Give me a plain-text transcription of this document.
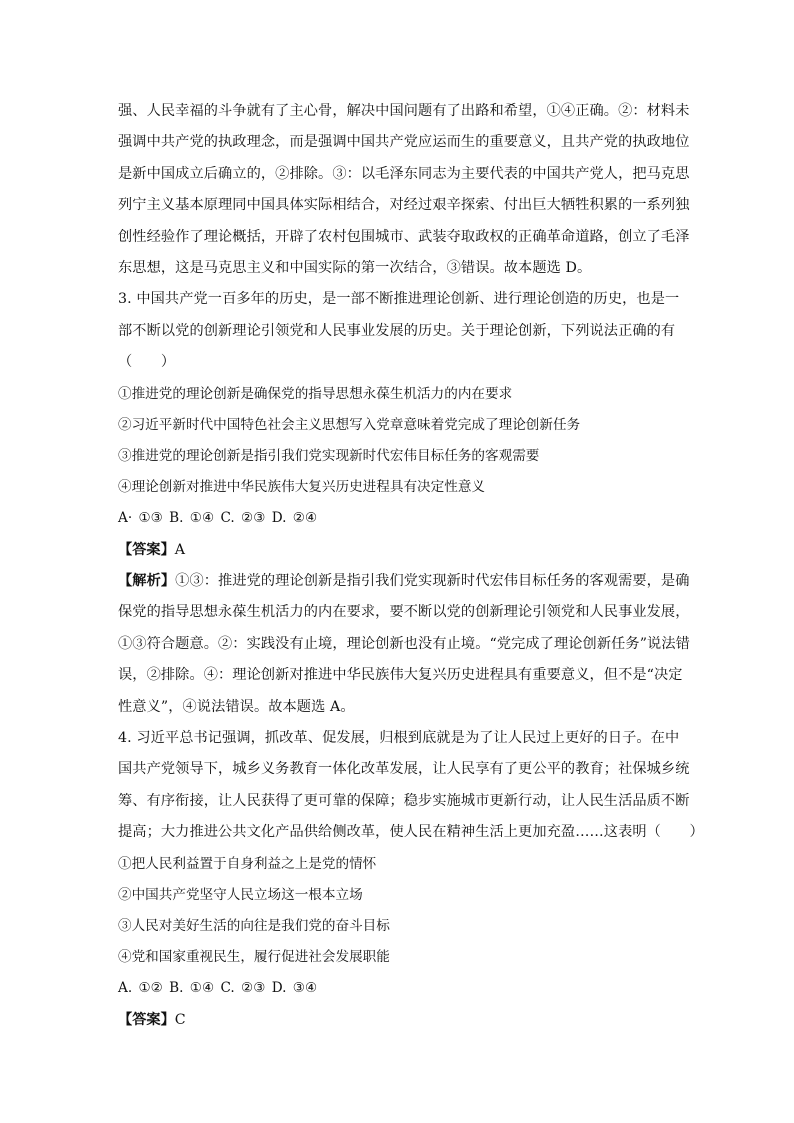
强、人民幸福的斗争就有了主心骨，解决中国问题有了出路和希望，①④正确。②：材料未
强调中共产党的执政理念，而是强调中国共产党应运而生的重要意义，且共产党的执政地位
是新中国成立后确立的，②排除。③：以毛泽东同志为主要代表的中国共产党人，把马克思
列宁主义基本原理同中国具体实际相结合，对经过艰辛探索、付出巨大牺牲积累的一系列独
创性经验作了理论概括，开辟了农村包围城市、武装夺取政权的正确革命道路，创立了毛泽
东思想，这是马克思主义和中国实际的第一次结合，③错误。故本题选 D。
3. 中国共产党一百多年的历史，是一部不断推进理论创新、进行理论创造的历史，也是一
部不断以党的创新理论引领党和人民事业发展的历史。关于理论创新，下列说法正确的有
（　　）
①推进党的理论创新是确保党的指导思想永葆生机活力的内在要求
②习近平新时代中国特色社会主义思想写入党章意味着党完成了理论创新任务
③推进党的理论创新是指引我们党实现新时代宏伟目标任务的客观需要
④理论创新对推进中华民族伟大复兴历史进程具有决定性意义
A· ①③ B. ①④ C. ②③ D. ②④
【答案】A
【解析】①③：推进党的理论创新是指引我们党实现新时代宏伟目标任务的客观需要，是确
保党的指导思想永葆生机活力的内在要求，要不断以党的创新理论引领党和人民事业发展，
①③符合题意。②：实践没有止境，理论创新也没有止境。“党完成了理论创新任务”说法错
误，②排除。④：理论创新对推进中华民族伟大复兴历史进程具有重要意义，但不是“决定
性意义”，④说法错误。故本题选 A。
4. 习近平总书记强调，抓改革、促发展，归根到底就是为了让人民过上更好的日子。在中
国共产党领导下，城乡义务教育一体化改革发展，让人民享有了更公平的教育；社保城乡统
筹、有序衔接，让人民获得了更可靠的保障；稳步实施城市更新行动，让人民生活品质不断
提高；大力推进公共文化产品供给侧改革，使人民在精神生活上更加充盈……这表明（　　）
①把人民利益置于自身利益之上是党的情怀
②中国共产党坚守人民立场这一根本立场
③人民对美好生活的向往是我们党的奋斗目标
④党和国家重视民生，履行促进社会发展职能
A. ①② B. ①④ C. ②③ D. ③④
【答案】C
